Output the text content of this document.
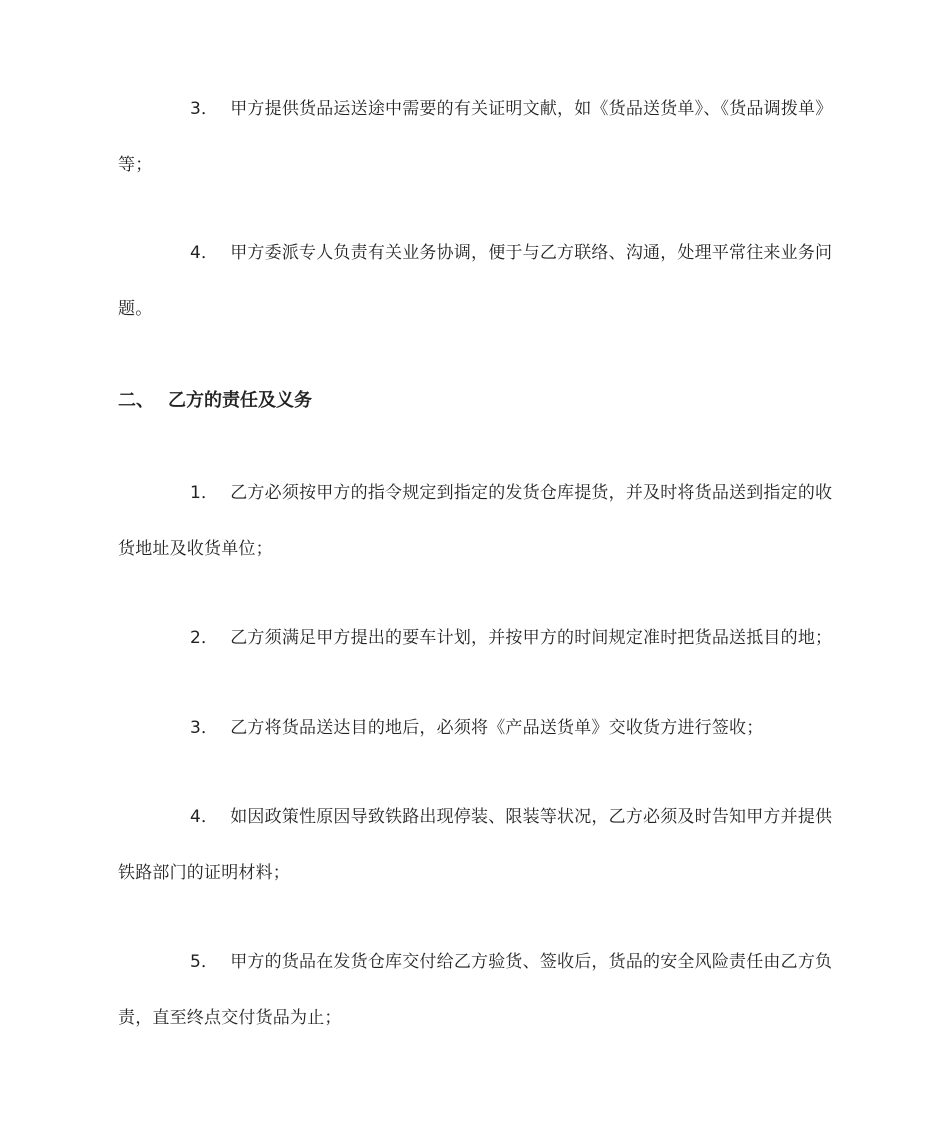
3． 甲方提供货品运送途中需要的有关证明文献，如《货品送货单》、《货品调拨单》等；

4． 甲方委派专人负责有关业务协调，便于与乙方联络、沟通，处理平常往来业务问题。

二、 乙方的责任及义务

1． 乙方必须按甲方的指令规定到指定的发货仓库提货，并及时将货品送到指定的收货地址及收货单位；

2． 乙方须满足甲方提出的要车计划，并按甲方的时间规定准时把货品送抵目的地；

3． 乙方将货品送达目的地后，必须将《产品送货单》交收货方进行签收；

4． 如因政策性原因导致铁路出现停装、限装等状况，乙方必须及时告知甲方并提供铁路部门的证明材料；

5． 甲方的货品在发货仓库交付给乙方验货、签收后，货品的安全风险责任由乙方负责，直至终点交付货品为止；
